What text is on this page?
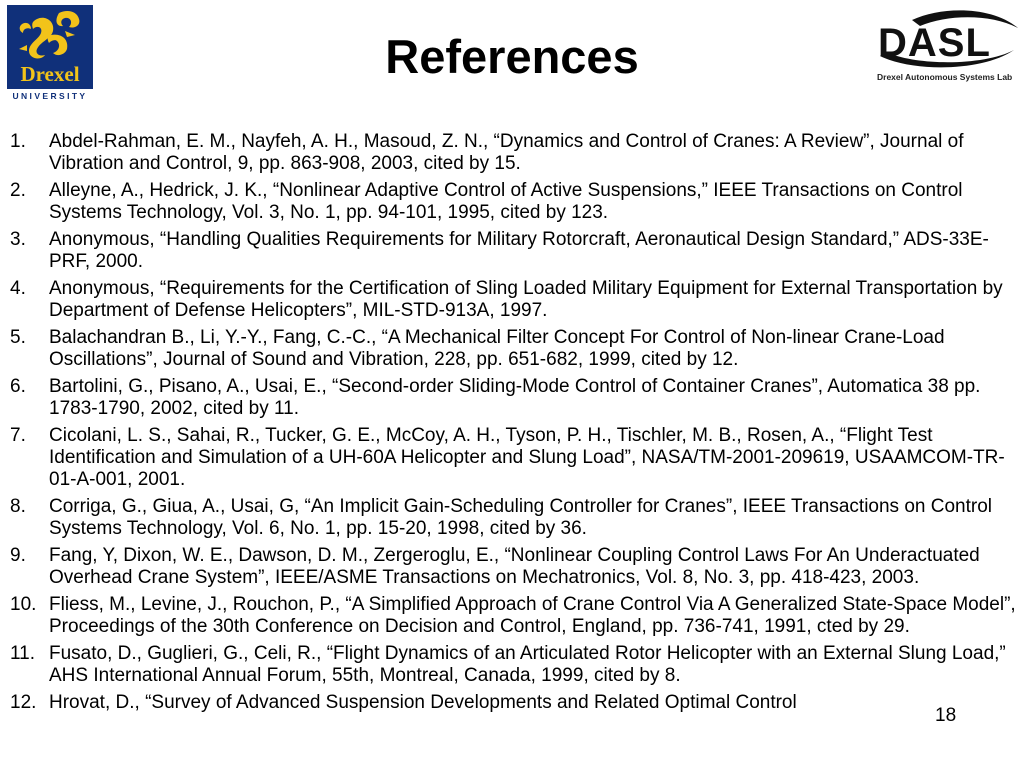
Drexel
UNIVERSITY
References	DASL
Drexel Autonomous Systems Lab
1. Abdel-Rahman, E. M., Nayfeh, A. H., Masoud, Z. N., “Dynamics and Control of Cranes: A Review”, Journal of Vibration and Control, 9, pp. 863-908, 2003, cited by 15.
2. Alleyne, A., Hedrick, J. K., “Nonlinear Adaptive Control of Active Suspensions,” IEEE Transactions on Control Systems Technology, Vol. 3, No. 1, pp. 94-101, 1995, cited by 123.
3. Anonymous, “Handling Qualities Requirements for Military Rotorcraft, Aeronautical Design Standard,” ADS-33E-PRF, 2000.
4. Anonymous, “Requirements for the Certification of Sling Loaded Military Equipment for External Transportation by Department of Defense Helicopters”, MIL-STD-913A, 1997.
5. Balachandran B., Li, Y.-Y., Fang, C.-C., “A Mechanical Filter Concept For Control of Non-linear Crane-Load Oscillations”, Journal of Sound and Vibration, 228, pp. 651-682, 1999, cited by 12.
6. Bartolini, G., Pisano, A., Usai, E., “Second-order Sliding-Mode Control of Container Cranes”, Automatica 38 pp. 1783-1790, 2002, cited by 11.
7. Cicolani, L. S., Sahai, R., Tucker, G. E., McCoy, A. H., Tyson, P. H., Tischler, M. B., Rosen, A., “Flight Test Identification and Simulation of a UH-60A Helicopter and Slung Load”, NASA/TM-2001-209619, USAAMCOM-TR-01-A-001, 2001.
8. Corriga, G., Giua, A., Usai, G, “An Implicit Gain-Scheduling Controller for Cranes”, IEEE Transactions on Control Systems Technology, Vol. 6, No. 1, pp. 15-20, 1998, cited by 36.
9. Fang, Y, Dixon, W. E., Dawson, D. M., Zergeroglu, E., “Nonlinear Coupling Control Laws For An Underactuated Overhead Crane System”, IEEE/ASME Transactions on Mechatronics, Vol. 8, No. 3, pp. 418-423, 2003.
10. Fliess, M., Levine, J., Rouchon, P., “A Simplified Approach of Crane Control Via A Generalized State-Space Model”, Proceedings of the 30th Conference on Decision and Control, England, pp. 736-741, 1991, cted by 29.
11. Fusato, D., Guglieri, G., Celi, R., “Flight Dynamics of an Articulated Rotor Helicopter with an External Slung Load,” AHS International Annual Forum, 55th, Montreal, Canada, 1999, cited by 8.
12. Hrovat, D., “Survey of Advanced Suspension Developments and Related Optimal Control
18
